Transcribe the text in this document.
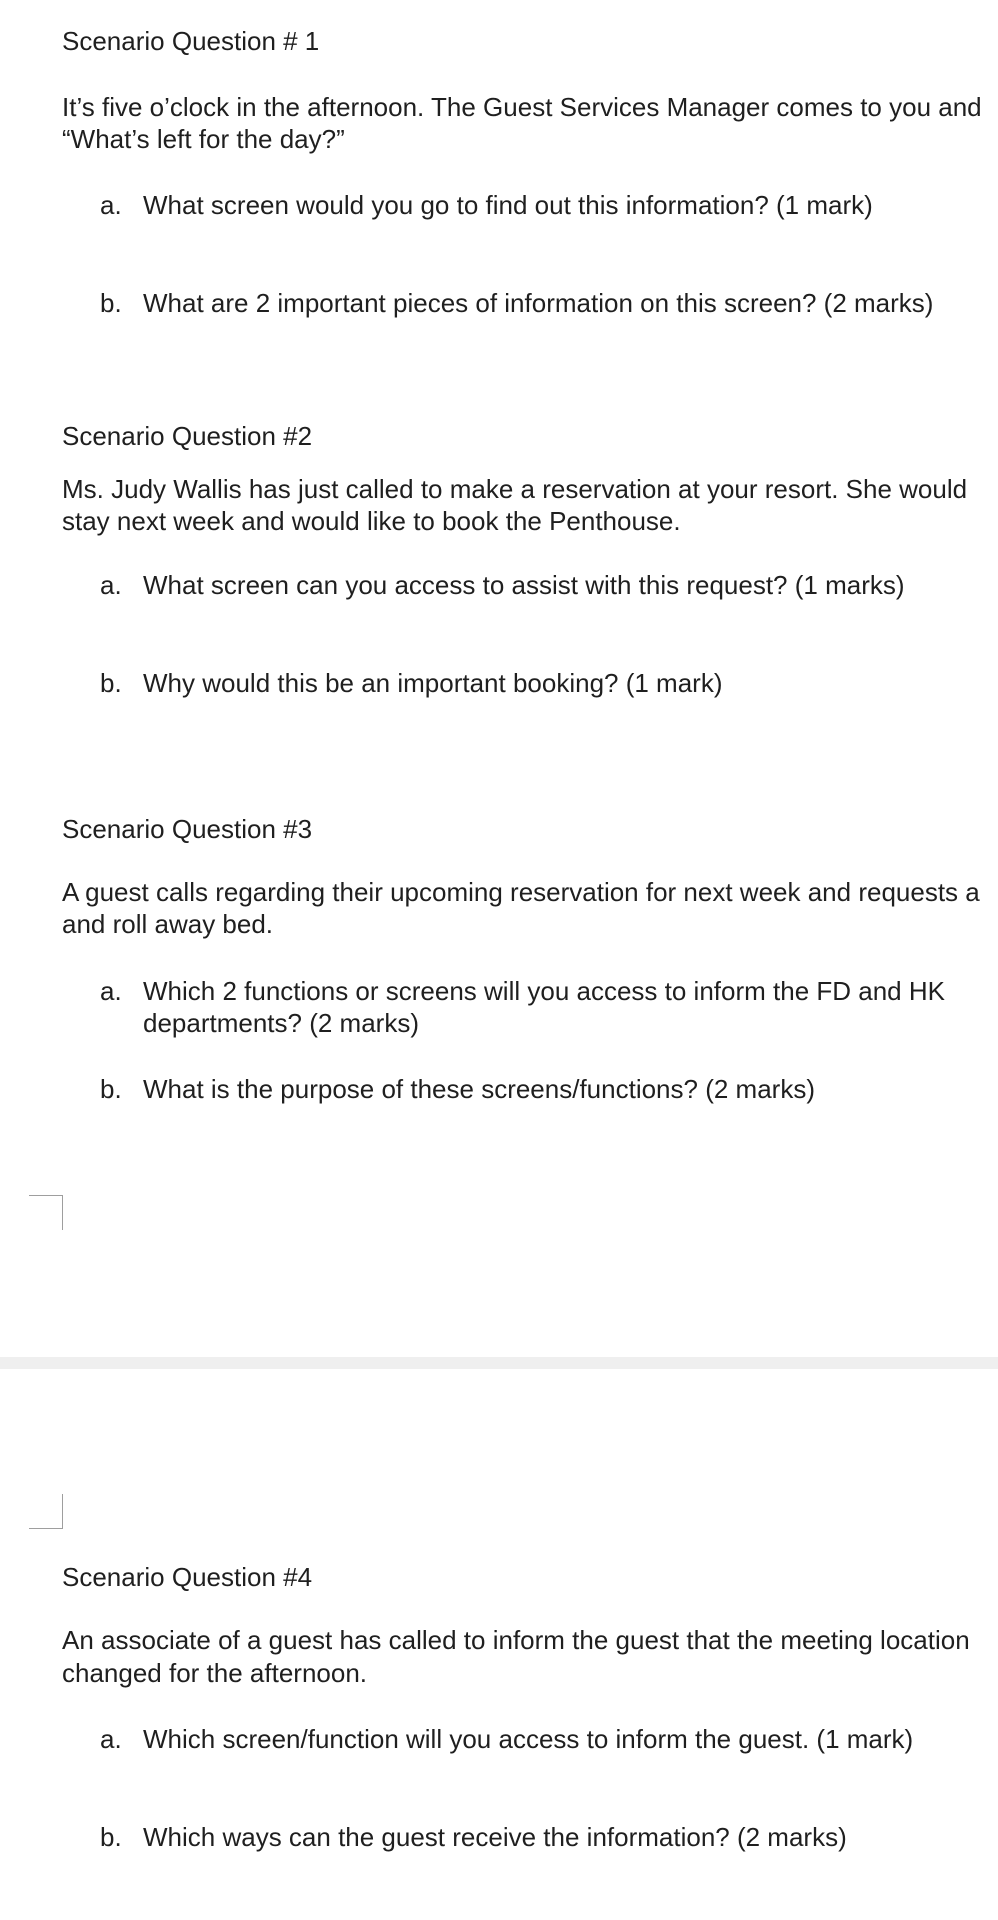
Scenario Question # 1
It’s five o’clock in the afternoon. The Guest Services Manager comes to you and
“What’s left for the day?”
a. What screen would you go to find out this information? (1 mark)
b. What are 2 important pieces of information on this screen? (2 marks)
Scenario Question #2
Ms. Judy Wallis has just called to make a reservation at your resort. She would
stay next week and would like to book the Penthouse.
a. What screen can you access to assist with this request? (1 marks)
b. Why would this be an important booking? (1 mark)
Scenario Question #3
A guest calls regarding their upcoming reservation for next week and requests a
and roll away bed.
a. Which 2 functions or screens will you access to inform the FD and HK
departments? (2 marks)
b. What is the purpose of these screens/functions? (2 marks)
Scenario Question #4
An associate of a guest has called to inform the guest that the meeting location
changed for the afternoon.
a. Which screen/function will you access to inform the guest. (1 mark)
b. Which ways can the guest receive the information? (2 marks)
